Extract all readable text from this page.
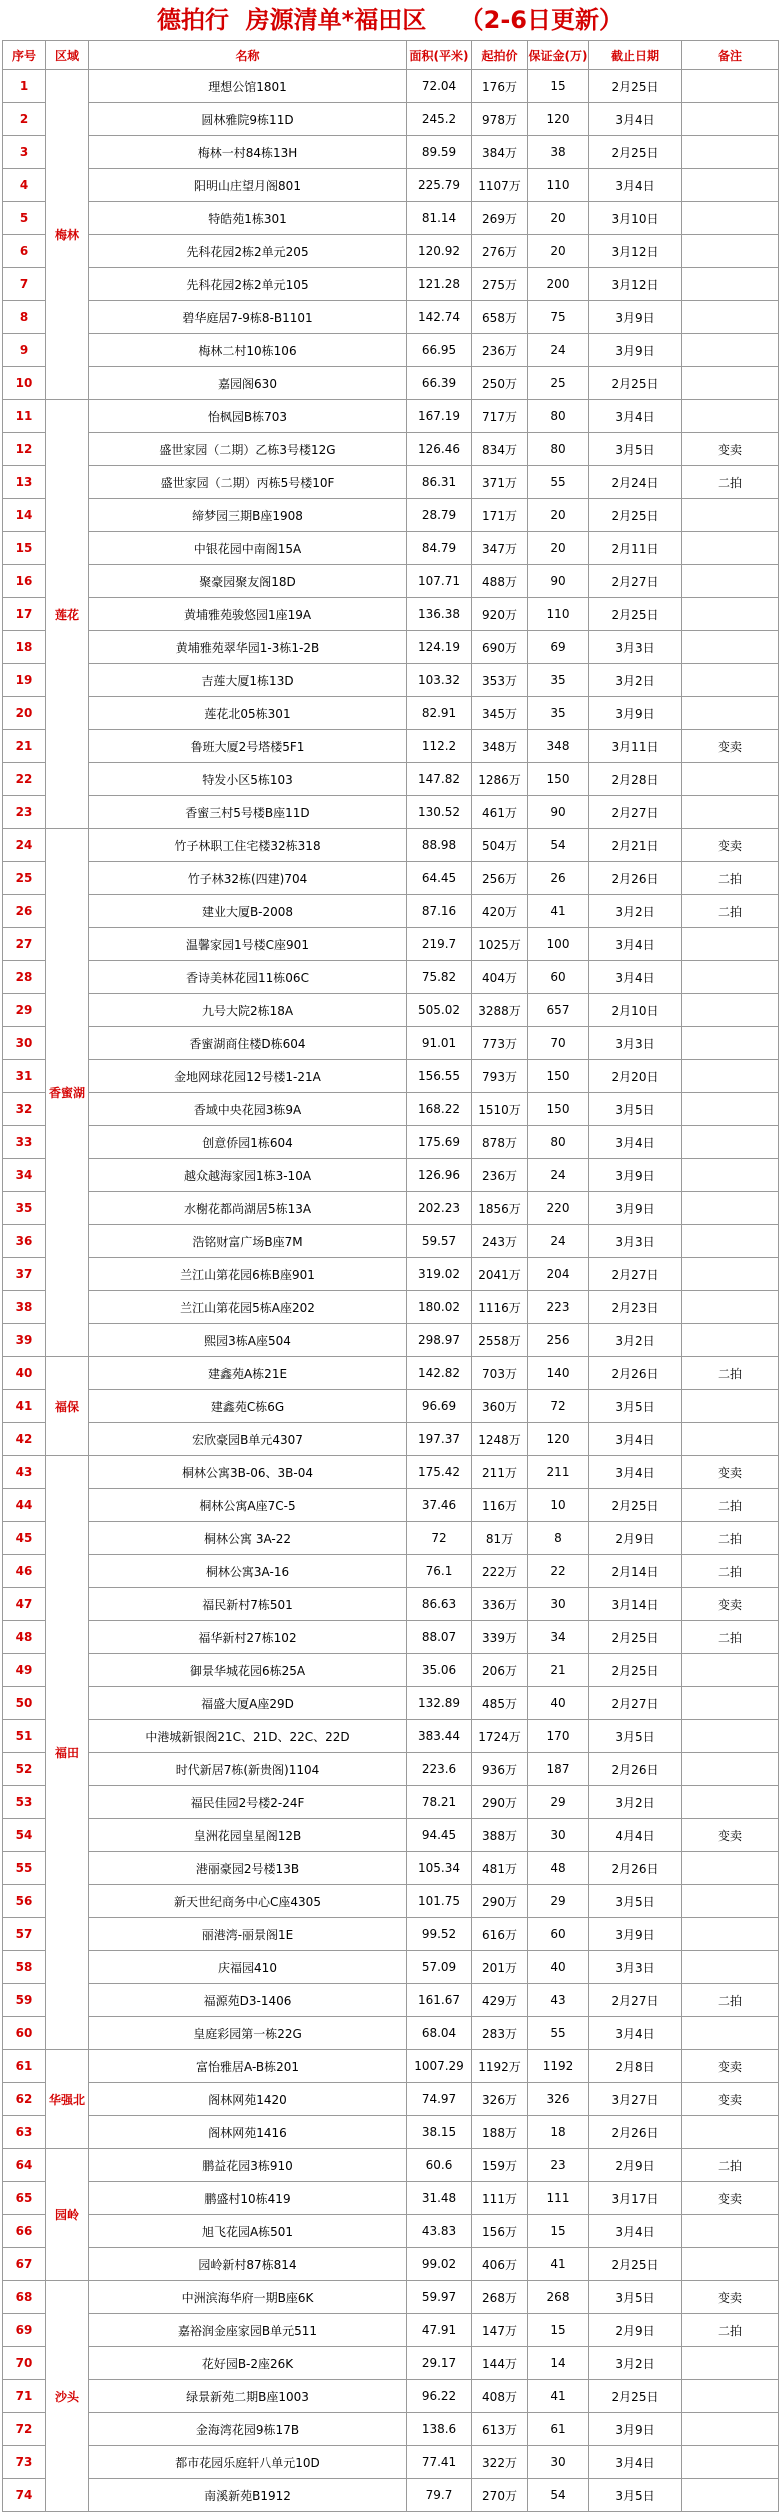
德拍行  房源清单*福田区    （2-6日更新）
序号	区域	名称	面积(平米)	起拍价	保证金(万)	截止日期	备注
1	梅林	理想公馆1801	72.04	176万	15	2月25日	
2		圆林雅院9栋11D	245.2	978万	120	3月4日	
3		梅林一村84栋13H	89.59	384万	38	2月25日	
4		阳明山庄望月阁801	225.79	1107万	110	3月4日	
5		特皓苑1栋301	81.14	269万	20	3月10日	
6		先科花园2栋2单元205	120.92	276万	20	3月12日	
7		先科花园2栋2单元105	121.28	275万	200	3月12日	
8		碧华庭居7-9栋8-B1101	142.74	658万	75	3月9日	
9		梅林二村10栋106	66.95	236万	24	3月9日	
10		嘉园阁630	66.39	250万	25	2月25日	
11	莲花	怡枫园B栋703	167.19	717万	80	3月4日	
12		盛世家园（二期）乙栋3号楼12G	126.46	834万	80	3月5日	变卖
13		盛世家园（二期）丙栋5号楼10F	86.31	371万	55	2月24日	二拍
14		缔梦园三期B座1908	28.79	171万	20	2月25日	
15		中银花园中南阁15A	84.79	347万	20	2月11日	
16		聚豪园聚友阁18D	107.71	488万	90	2月27日	
17		黄埔雅苑骏悠园1座19A	136.38	920万	110	2月25日	
18		黄埔雅苑翠华园1-3栋1-2B	124.19	690万	69	3月3日	
19		吉莲大厦1栋13D	103.32	353万	35	3月2日	
20		莲花北05栋301	82.91	345万	35	3月9日	
21		鲁班大厦2号塔楼5F1	112.2	348万	348	3月11日	变卖
22		特发小区5栋103	147.82	1286万	150	2月28日	
23		香蜜三村5号楼B座11D	130.52	461万	90	2月27日	
24	香蜜湖	竹子林职工住宅楼32栋318	88.98	504万	54	2月21日	变卖
25		竹子林32栋(四建)704	64.45	256万	26	2月26日	二拍
26		建业大厦B-2008	87.16	420万	41	3月2日	二拍
27		温馨家园1号楼C座901	219.7	1025万	100	3月4日	
28		香诗美林花园11栋06C	75.82	404万	60	3月4日	
29		九号大院2栋18A	505.02	3288万	657	2月10日	
30		香蜜湖商住楼D栋604	91.01	773万	70	3月3日	
31		金地网球花园12号楼1-21A	156.55	793万	150	2月20日	
32		香域中央花园3栋9A	168.22	1510万	150	3月5日	
33		创意侨园1栋604	175.69	878万	80	3月4日	
34		越众越海家园1栋3-10A	126.96	236万	24	3月9日	
35		水榭花都尚湖居5栋13A	202.23	1856万	220	3月9日	
36		浩铭财富广场B座7M	59.57	243万	24	3月3日	
37		兰江山第花园6栋B座901	319.02	2041万	204	2月27日	
38		兰江山第花园5栋A座202	180.02	1116万	223	2月23日	
39		熙园3栋A座504	298.97	2558万	256	3月2日	
40	福保	建鑫苑A栋21E	142.82	703万	140	2月26日	二拍
41		建鑫苑C栋6G	96.69	360万	72	3月5日	
42		宏欣豪园B单元4307	197.37	1248万	120	3月4日	
43	福田	桐林公寓3B-06、3B-04	175.42	211万	211	3月4日	变卖
44		桐林公寓A座7C-5	37.46	116万	10	2月25日	二拍
45		桐林公寓 3A-22	72	81万	8	2月9日	二拍
46		桐林公寓3A-16	76.1	222万	22	2月14日	二拍
47		福民新村7栋501	86.63	336万	30	3月14日	变卖
48		福华新村27栋102	88.07	339万	34	2月25日	二拍
49		御景华城花园6栋25A	35.06	206万	21	2月25日	
50		福盛大厦A座29D	132.89	485万	40	2月27日	
51		中港城新银阁21C、21D、22C、22D	383.44	1724万	170	3月5日	
52		时代新居7栋(新贵阁)1104	223.6	936万	187	2月26日	
53		福民佳园2号楼2-24F	78.21	290万	29	3月2日	
54		皇洲花园皇星阁12B	94.45	388万	30	4月4日	变卖
55		港丽豪园2号楼13B	105.34	481万	48	2月26日	
56		新天世纪商务中心C座4305	101.75	290万	29	3月5日	
57		丽港湾-丽景阁1E	99.52	616万	60	3月9日	
58		庆福园410	57.09	201万	40	3月3日	
59		福源苑D3-1406	161.67	429万	43	2月27日	二拍
60		皇庭彩园第一栋22G	68.04	283万	55	3月4日	
61	华强北	富怡雅居A-B栋201	1007.29	1192万	1192	2月8日	变卖
62		阁林网苑1420	74.97	326万	326	3月27日	变卖
63		阁林网苑1416	38.15	188万	18	2月26日	
64	园岭	鹏益花园3栋910	60.6	159万	23	2月9日	二拍
65		鹏盛村10栋419	31.48	111万	111	3月17日	变卖
66		旭飞花园A栋501	43.83	156万	15	3月4日	
67		园岭新村87栋814	99.02	406万	41	2月25日	
68	沙头	中洲滨海华府一期B座6K	59.97	268万	268	3月5日	变卖
69		嘉裕润金座家园B单元511	47.91	147万	15	2月9日	二拍
70		花好园B-2座26K	29.17	144万	14	3月2日	
71		绿景新苑二期B座1003	96.22	408万	41	2月25日	
72		金海湾花园9栋17B	138.6	613万	61	3月9日	
73		都市花园乐庭轩八单元10D	77.41	322万	30	3月4日	
74		南溪新苑B1912	79.7	270万	54	3月5日	
